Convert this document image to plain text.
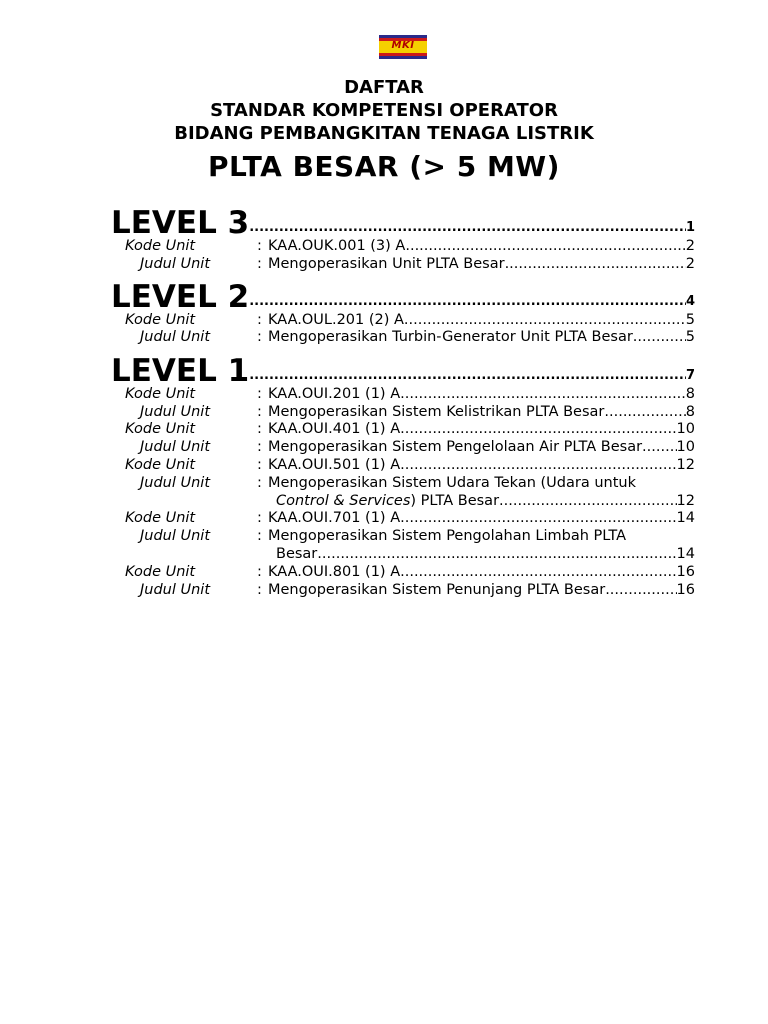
MKI
DAFTAR
STANDAR KOMPETENSI OPERATOR
BIDANG PEMBANGKITAN TENAGA LISTRIK
PLTA BESAR (> 5 MW)
LEVEL 3 .....	1
Kode Unit	: KAA.OUK.001 (3) A .....	2
Judul Unit	: Mengoperasikan Unit PLTA Besar .....	2
LEVEL 2 .....	4
Kode Unit	: KAA.OUL.201 (2) A .....	5
Judul Unit	: Mengoperasikan Turbin-Generator Unit PLTA Besar .....	5
LEVEL 1 .....	7
Kode Unit	: KAA.OUI.201 (1) A .....	8
Judul Unit	: Mengoperasikan Sistem Kelistrikan PLTA Besar .....	8
Kode Unit	: KAA.OUI.401 (1) A .....	10
Judul Unit	: Mengoperasikan Sistem Pengelolaan Air PLTA Besar ..... 10
Kode Unit	: KAA.OUI.501 (1) A .....	12
Judul Unit	: Mengoperasikan Sistem Udara Tekan (Udara untuk
Control & Services) PLTA Besar .....	12
Kode Unit	: KAA.OUI.701 (1) A .....	14
Judul Unit	: Mengoperasikan Sistem Pengolahan Limbah PLTA
Besar .....	14
Kode Unit	: KAA.OUI.801 (1) A .....	16
Judul Unit	: Mengoperasikan Sistem Penunjang PLTA Besar .....	16
